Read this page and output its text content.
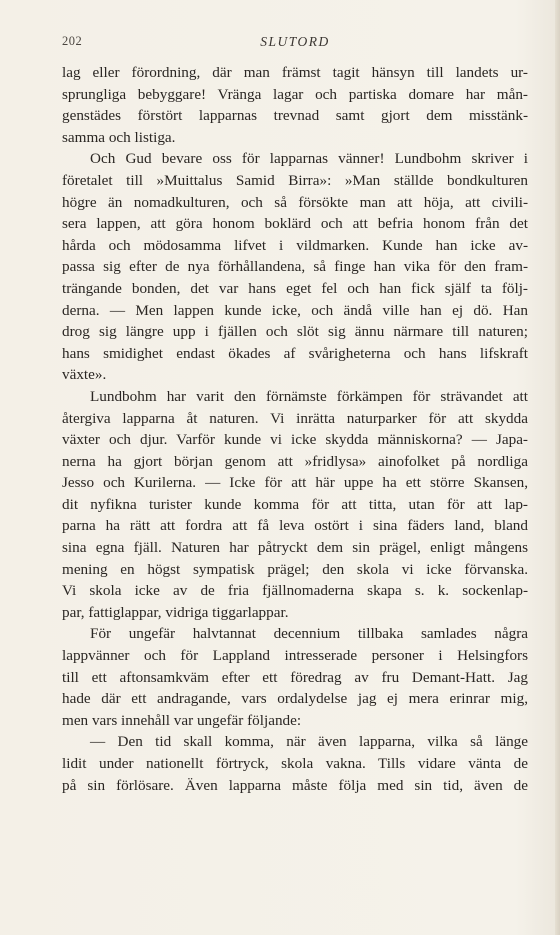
202	SLUTORD
lag eller förordning, där man främst tagit hänsyn till landets ur-
sprungliga bebyggare! Vränga lagar och partiska domare har mån-
genstädes förstört lapparnas trevnad samt gjort dem misstänk-
samma och listiga.
Och Gud bevare oss för lapparnas vänner! Lundbohm skriver i
företalet till »Muittalus Samid Birra»: »Man ställde bondkulturen
högre än nomadkulturen, och så försökte man att höja, att civili-
sera lappen, att göra honom boklärd och att befria honom från det
hårda och mödosamma lifvet i vildmarken. Kunde han icke av-
passa sig efter de nya förhållandena, så finge han vika för den fram-
trängande bonden, det var hans eget fel och han fick själf ta följ-
derna. — Men lappen kunde icke, och ändå ville han ej dö. Han
drog sig längre upp i fjällen och slöt sig ännu närmare till naturen;
hans smidighet endast ökades af svårigheterna och hans lifskraft
växte».
Lundbohm har varit den förnämste förkämpen för strävandet att
återgiva lapparna åt naturen. Vi inrätta naturparker för att skydda
växter och djur. Varför kunde vi icke skydda människorna? — Japa-
nerna ha gjort början genom att »fridlysa» ainofolket på nordliga
Jesso och Kurilerna. — Icke för att här uppe ha ett större Skansen,
dit nyfikna turister kunde komma för att titta, utan för att lap-
parna ha rätt att fordra att få leva ostört i sina fäders land, bland
sina egna fjäll. Naturen har påtryckt dem sin prägel, enligt mångens
mening en högst sympatisk prägel; den skola vi icke förvanska.
Vi skola icke av de fria fjällnomaderna skapa s. k. sockenlap-
par, fattiglappar, vidriga tiggarlappar.
För ungefär halvtannat decennium tillbaka samlades några
lappvänner och för Lappland intresserade personer i Helsingfors
till ett aftonsamkväm efter ett föredrag av fru Demant-Hatt. Jag
hade där ett andragande, vars ordalydelse jag ej mera erinrar mig,
men vars innehåll var ungefär följande:
— Den tid skall komma, när även lapparna, vilka så länge
lidit under nationellt förtryck, skola vakna. Tills vidare vänta de
på sin förlösare. Även lapparna måste följa med sin tid, även de
